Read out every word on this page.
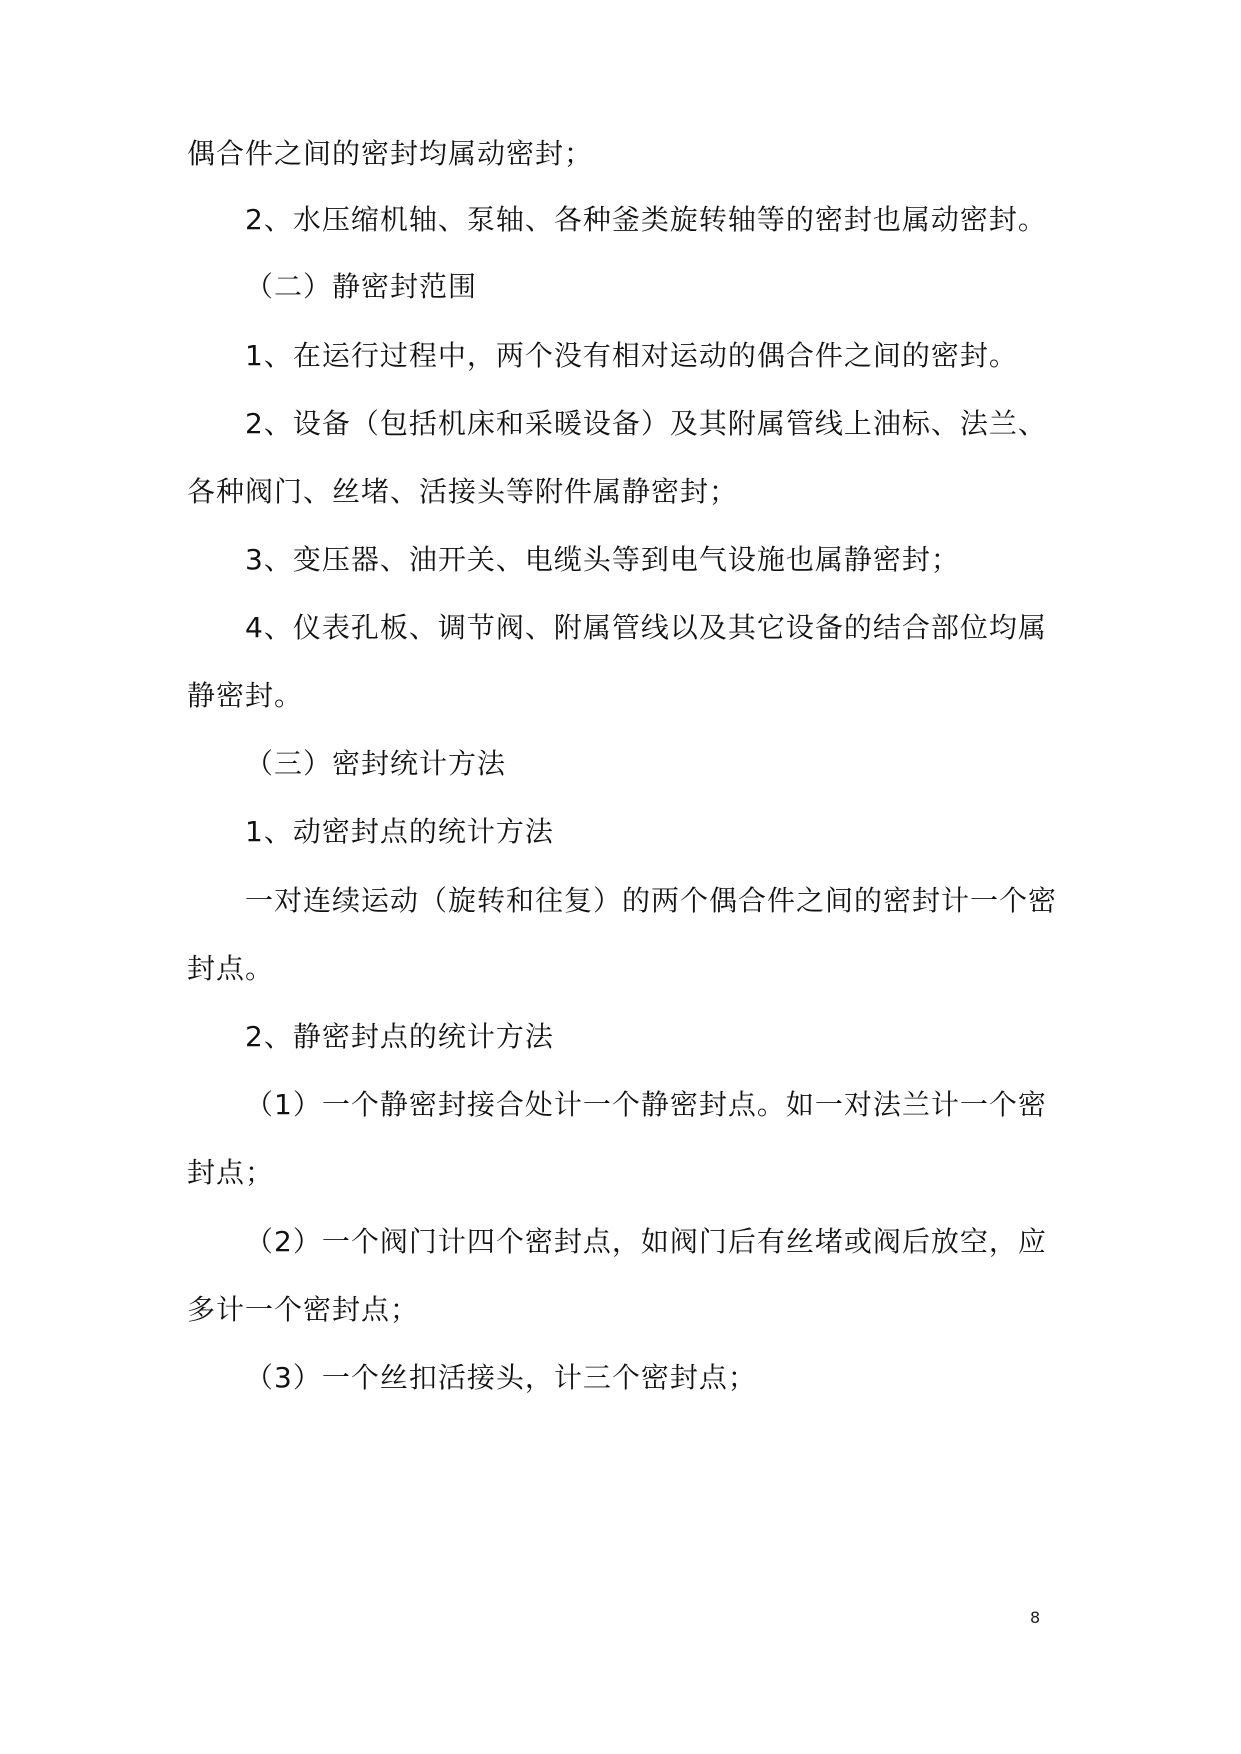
偶合件之间的密封均属动密封；
2、水压缩机轴、泵轴、各种釜类旋转轴等的密封也属动密封。
（二）静密封范围
1、在运行过程中，两个没有相对运动的偶合件之间的密封。
2、设备（包括机床和采暖设备）及其附属管线上油标、法兰、
各种阀门、丝堵、活接头等附件属静密封；
3、变压器、油开关、电缆头等到电气设施也属静密封；
4、仪表孔板、调节阀、附属管线以及其它设备的结合部位均属
静密封。
（三）密封统计方法
1、动密封点的统计方法
一对连续运动（旋转和往复）的两个偶合件之间的密封计一个密
封点。
2、静密封点的统计方法
（1）一个静密封接合处计一个静密封点。如一对法兰计一个密
封点；
（2）一个阀门计四个密封点，如阀门后有丝堵或阀后放空，应
多计一个密封点；
（3）一个丝扣活接头，计三个密封点；
8
